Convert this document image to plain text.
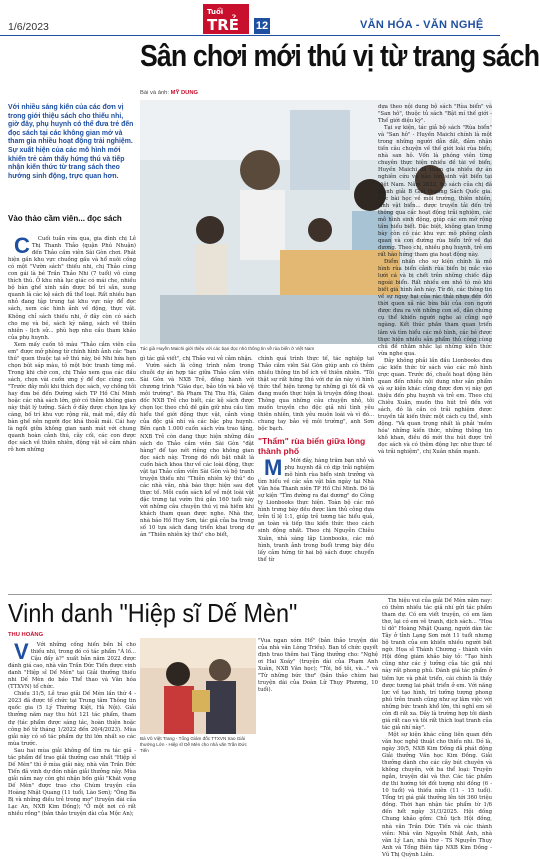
1/6/2023
Tuổi
TRẺ 12	VĂN HÓA - VĂN NGHỆ
Sân chơi mới thú vị từ trang sách
Bài và ảnh: MỸ DUNG
Với nhiều sáng kiến của các đơn vị trong giới thiệu sách cho thiếu nhi, giờ đây, phụ huynh có thể đưa trẻ đến đọc sách tại các không gian mở và tham gia nhiều hoạt động trải nghiệm. Sự xuất hiện của các mô hình mới khiến trẻ cảm thấy hứng thú và tiếp nhận kiến thức từ trang sách theo hướng sinh động, trực quan hơn.
Vào thảo cầm viên... đọc sách

C Cuối tuần vừa qua, gia đình chị Lê Thị Thanh Thảo (quận Phú Nhuận) đến Thảo cầm viên Sài Gòn chơi. Phát hiện gần khu vực chuồng gấu và hổ nuôi cồng có một "Vườn sách" thiếu nhi, chị Thảo cùng con gái là bé Trần Thảo Nhi (7 tuổi) vô cùng thích thú. Ở khu nhà lục giác có mái che, nhiều bộ bàn ghế xinh xắn được bố trí sẵn, xung quanh là các kệ sách đủ thể loại. Rất nhiều bạn nhỏ đang tập trung tại khu vực này để đọc sách, xem các hình ảnh về động, thực vật. Không chỉ sách thiếu nhi, ở đây còn có sách cho mẹ và bé, sách kỹ năng, sách về thiên nhiên - lịch sử... phù hợp nhu cầu tham khảo của phụ huynh.

Xem mấy cuốn tô màu "Thảo cầm viên của em" được mở phòng từ chính hình ảnh các "bạn thú" quen thuộc tại sở thú này, bé Nhi hứa hẹn chọn bút sáp màu, tô một bức tranh từng mẻ. Trong khi chờ con, chị Thảo xem qua các đầu sách, chọn vài cuốn ưng ý để đọc cùng con. "Trước đây mỗi khi thích đọc sách, vợ chồng tôi hay đưa bé đến Đường sách TP Hồ Chí Minh hoặc các nhà sách lớn, giờ có thêm không gian này thật lý tưởng. Sách ở đây được chọn lựa kỹ càng, bố trí khu vực rộng rãi, mát mẻ, đầy đủ bàn ghế nên người đọc khá thoải mái. Cái hay là ngồi giữa không gian xanh mát với chung quanh hoàn cảnh thú, cây cối, các con được đọc sách về thiên nhiên, động vật sẽ cảm nhận rõ hơn những

Tác giả Huyền Maichi giới thiệu với các bạn đọc nhỏ thông tin về rùa biển ở Việt Nam

gì tác giả viết", chị Thảo vui vẻ cảm nhận.

Vườn sách là công trình nằm trong chuỗi dự án hợp tác giữa Thảo cầm viên Sài Gòn và NXB Trẻ, đồng hành với chương trình "Giáo dục, bảo tồn và bảo vệ môi trường". Bà Phạm Thị Thu Hà, Giám đốc NXB Trẻ cho biết, các kệ sách được chọn lọc theo chủ đề gắn giữ nhu cầu tìm hiểu thế giới động thực vật, cảnh vùng của độc giả nhí và các bậc phụ huynh. Bên cạnh 1.000 cuốn sách vừa trao tặng, NXB Trẻ còn dang thực hiện những đầu sách do Thảo cầm viên Sài Gòn "đặt hàng" để tạo nét riêng cho không gian đọc sách này. Trong đó nổi bật nhất là cuốn bách khoa thư về các loài động, thực vật tại Thảo cầm viên Sài Gòn và bộ tranh truyện thiếu nhi "Thiên nhiên kỳ thú" do các nhà văn, nhà báo thực hiện sau đợt thực tế. Mỗi cuốn sách kể về một loài vật đặc trưng tại vườn thú gắn 160 tuổi này với những câu chuyện thú vị mà hiếm khi khách tham quan được nghe. Nhà thơ, nhà báo Hồ Huy Sơn, tác giả của ba trong số 10 tựa sách đang triển khai trong dự án "Thiên nhiên kỳ thú" cho biết,

chính quá trình thực tế, tác nghiệp tại Thảo cầm viên Sài Gòn giúp anh có thêm nhiều thông tin bổ ích về thiên nhiên. "Tôi thật sự rất hứng thú với dự án này vì hình thức thể hiện tương tự những gì tôi đã và đang muốn thực hiện là truyện đồng thoại. Thông qua những câu chuyện nhỏ, tôi muốn truyền cho độc giả nhí tình yêu thiên nhiên, tinh yêu muôn loài và vì đó... chung tay bảo vệ môi trường", anh Sơn bộc bạch.

"Thẩm" rùa biển giữa lòng thành phố

M Mới đây, hàng trăm bạn nhỏ và phụ huynh đã có dịp trải nghiệm mô hình rùa biển sinh trưởng và tìm hiểu về các sản vật bản ngày tại Nhà Văn hóa Thanh niên TP Hồ Chí Minh. Đó là sự kiện "Tìm đường ra đại dương" do Công ty Lionbooks thực hiện. Toàn bộ các mô hình trưng bày đều được làm thủ công dựa trên tỉ lệ 1:1, giúp trẻ tương tác hiểu quả, an toàn và tiếp thu kiến thức theo cách sinh động nhất. Theo chị Nguyễn Chiêu Xuân, nhà sáng lập Lionbooks, các mô hình, tranh ảnh trong buổi trưng bày đều lấy cảm hứng từ hai bộ sách được chuyển thể từ

dựa theo nội dung bộ sách "Rùa biển" và "San hô", thuộc tủ sách "Bật mí thế giới - Thế giới diệu kỳ".

Tại sự kiện, tác giả bộ sách "Rùa biển" và "San hô" - Huyền Maichi chính là một trong những người dẫn dắt, đảm nhận tiền câu chuyện về thế giới loài rùa biển, nhà san hô. Vốn là phóng viên từng chuyên thực hiện nhiều đề tài về biển, Huyền Maichi đã tham gia nhiều dự án nghiên cứu và bảo tồn sinh vật biển tại Việt Nam. Năm 2022, bộ sách của chị đã giành giải B Giải thưởng Sách Quốc gia. Các bài học về môi trường, thiên nhiên, sinh vật biển... được truyền tải đến trẻ thông qua các hoạt động trải nghiệm, các mô hình sinh động, giúp các em mở rộng tầm hiểu biết. Đặc biệt, không gian trưng bày còn có các khu vực mô phỏng cảnh quan và con đường rùa biển trở về đại dương. Theo chị, nhiều phụ huynh, trẻ em rất hào hứng tham gia hoạt động này.

Điểm nhấn cho sự kiện chính là mô hình rùa biển cảnh rùa biển bị mắc vào lưới cá và bị chết trên những chiếc đập ngoài biển. Rất nhiều em nhỏ tò mò khi biết giá hình ảnh này. Từ đó, các thông tin về sự nguy hại của rác thải nhựa đến đời thời quen xả rác bừa bãi của con người được đưa ra với những con số, dẫn chứng cụ thể khiến người nghe ai cũng ngỡ ngàng. Kết thúc phần tham quan triển lãm và tìm hiểu các mô hình, các bé được thực hiện nhiều sản phẩm thủ công cùng chủ đề nhằm nhắc lại những kiến thức vừa nghe qua.

Đây không phải lần đầu Lionbooks đưa các kiến thức từ sách vào các mô hình trực quan. Trước đó, chuỗi hoạt động liên quan đến nhiều nội dung như sản phẩm và sự kiện khác cũng được đơn vị này gợi thiệu đến phụ huynh và trẻ em. Theo chị Chiêu Xuân, muốn thu hút trẻ đến với sách, đó là cần có trải nghiệm được truyền tải kiến thức một cách cụ thể, sinh động. "Và quan trọng nhất là phải 'mềm hóa' những kiến thức, những thông tin khô khan, điều đó mới thu hút được trẻ đọc sách và có thêm động lực như thực tế và trải nghiệm", chị Xuân nhấn mạnh.

Vinh danh "Hiệp sĩ Dế Mèn"
THU HOÀNG

V Với những cống hiến bền bỉ cho thiếu nhi, trong đó có tác phẩm "Á lố... Cậu đấy à?" xuất bản năm 2022 được đánh giá cao, nhà văn Trần Đức Tiến được vinh danh "Hiệp sĩ Dế Mèn" tại Giải thưởng thiếu nhi Dế Mèn do báo Thể thao và Văn hóa (TTXVN) tổ chức.

Chiều 31/5, Lễ trao giải Dế Mèn lần thứ 4 - 2023 đã được tổ chức tại Trung tâm Thông tin quốc gia (5 Lý Thường Kiệt, Hà Nội). Giải thưởng năm nay thu hút 121 tác phẩm, tham dự (tác phẩm được sáng tác, hoàn thiện hoặc công bố từ tháng 1/2022 đến 20/4/2023). Mùa giải này có số tác phẩm dự thi lớn nhất so các mùa trước.

Sau hai mùa giải không để tìm ra tác giả - tác phẩm để trao giải thưởng cao nhất "Hiệp sĩ Dế Mèn" thì ở mùa giải này, nhà văn Trần Đức Tiến đã vinh dự đón nhận giải thưởng này. Mùa giải năm nay còn ghi nhận bốn giải "Khát vọng Dế Mèn" được trao cho Chúm truyện của Hoàng Nhật Quang (11 tuổi, Lào Sơn); "Ông Ba Bị và những điều trẻ trong mơ" (truyện dài của Lạc An, NXB Kim Đồng); "Ở một nơi có rất nhiều rồng" (bản thảo truyện dài của Mộc An);

Bà Vũ Việt Trang - Tổng Giám đốc TTXVN trao Giải thưởng Lớn - Hiệp sĩ Dế Mèn cho nhà văn Trần Đức Tiến

"Vua ngan xóm Hổ" (bản thảo truyện dài của nhà văn Lòng Triều). Ban tổ chức quyết định trao thêm hai Tặng thưởng cho: "Nghệ ơi Hai Xoáy" (truyện dài của Phạm Anh Xuân, NXB Văn học); "Tôi, bố tôi, và..." và "Từ những bức thư" (bản thảo chùm hai truyện dài của Đoàn Lữ Thụy Phương, 10 tuổi).

Tin hiệu vui của giải Dế Mèn năm nay: có thêm nhiều tác giả nhí gửi tác phẩm tham dự. Có em viết truyện, có em làm thơ, lại có em vẽ tranh, dịch sách... "Hoa tí dô" Hoàng Nhật Quang, người dàn tác Tây ở tỉnh Lạng Sơn mới 11 tuổi nhưng bộ tranh của em khiến nhiều người bất ngờ. Họa sĩ Thành Chương - thành viên Hội đồng giám khảo bày tỏ: "Tạo hình cũng như các ý tưởng của tác giả nhí này rất phong phú. Đánh giá tác phẩm ở tiềm lực và phát triển, cái chính là thấy được tương lai phát triển ở em. Với năng lực về tạo hình, trí tưởng tượng phong phú trên tranh cũng như sự lâm việc với những bức tranh khổ lớn, thì nghĩ em sẽ còn đi rất xa. Đây là trường hợp tôi dành giá rất cao và tôi rất thích loạt tranh của tác giả nhí này".

Một sự kiện khác cũng liên quan đến văn học nghệ thuật cho thiếu nhi. Đó là, ngày 30/5, NXB Kim Đồng đã phát động Giải thưởng Văn học Kim Đồng. Giải thưởng dành cho các cây bút chuyên và không chuyên, với ba thể loại: Truyện ngắn, truyện dài và thơ. Các tác phẩm dự thi hướng tới đối tượng nhi đồng (6 - 10 tuổi) và thiếu niên (11 - 15 tuổi). Tổng trị giá giải thưởng lên tới 360 triệu đồng. Thời hạn nhận tác phẩm từ 1/6 đến hết ngày 31/3/2025. Hội đồng Chung khảo gồm: Chủ tịch Hội đồng, nhà văn Trần Đức Tiến và các thành viên: Nhà văn Nguyễn Nhật Ánh, nhà văn Lý Lan, nhà thơ - TS Nguyễn Thụy Anh và Tổng Biên tập NXB Kim Đồng - Vũ Thị Quỳnh Liên.
